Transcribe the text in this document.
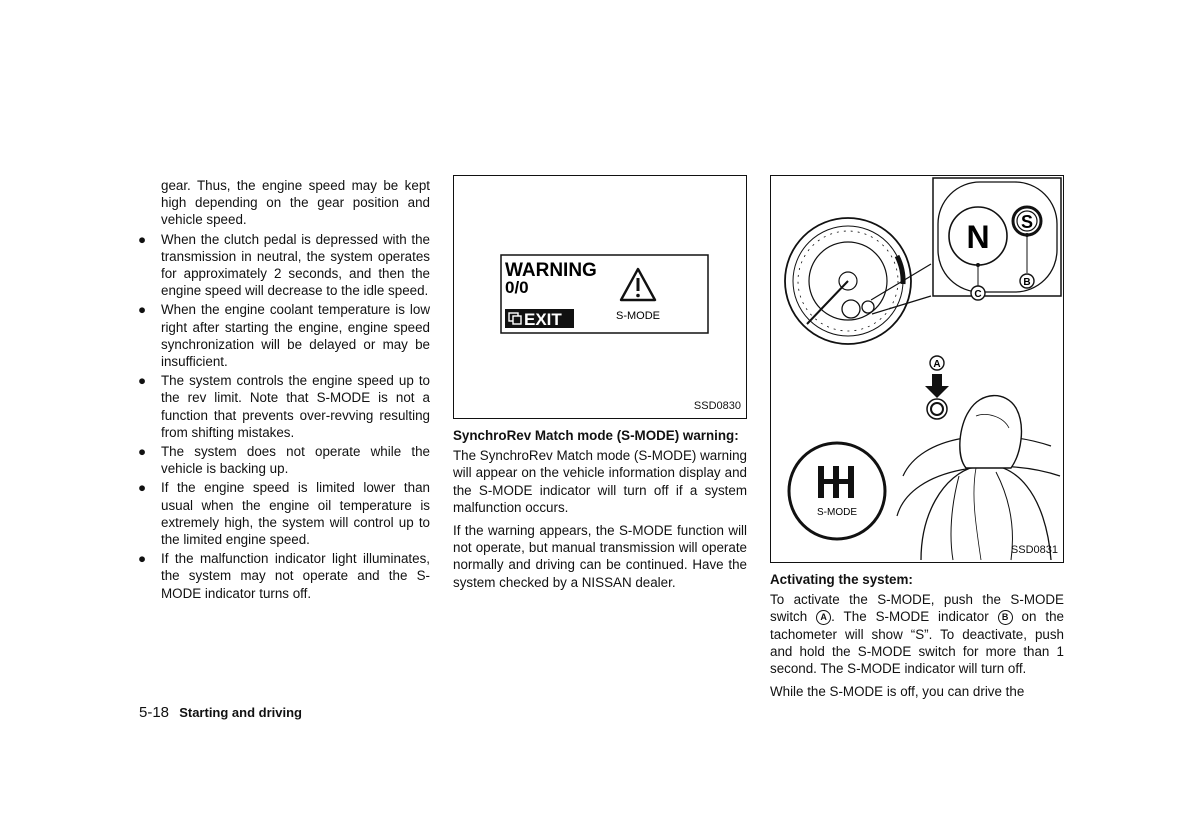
gear. Thus, the engine speed may be kept high depending on the gear position and vehicle speed.

● When the clutch pedal is depressed with the transmission in neutral, the system operates for approximately 2 seconds, and then the engine speed will decrease to the idle speed.
● When the engine coolant temperature is low right after starting the engine, engine speed synchronization will be delayed or may be insufficient.
● The system controls the engine speed up to the rev limit. Note that S-MODE is not a function that prevents over-revving resulting from shifting mistakes.
● The system does not operate while the vehicle is backing up.
● If the engine speed is limited lower than usual when the engine oil temperature is extremely high, the system will control up to the limited engine speed.
● If the malfunction indicator light illuminates, the system may not operate and the S-MODE indicator turns off.
WARNING
0/0
EXIT	S-MODE
SSD0830

SynchroRev Match mode (S-MODE) warning:

The SynchroRev Match mode (S-MODE) warning will appear on the vehicle information display and the S-MODE indicator will turn off if a system malfunction occurs.

If the warning appears, the S-MODE function will not operate, but manual transmission will operate normally and driving can be continued. Have the system checked by a NISSAN dealer.

N S
C
B
A
S-MODE
SSD0831

Activating the system:

To activate the S-MODE, push the S-MODE switch A . The S-MODE indicator B on the tachometer will show “S”. To deactivate, push and hold the S-MODE switch for more than 1 second. The S-MODE indicator will turn off.

While the S-MODE is off, you can drive the

5-18 Starting and driving
